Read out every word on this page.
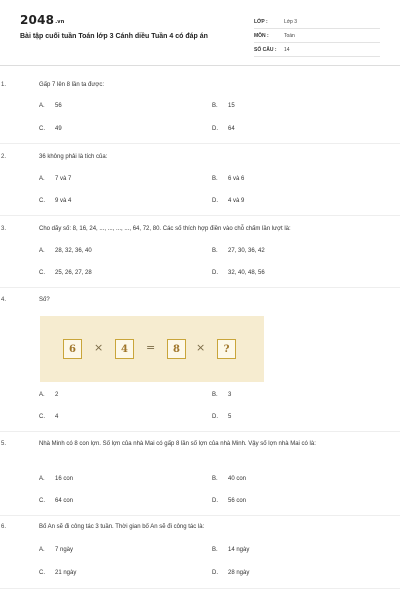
2048.vn
Bài tập cuối tuần Toán lớp 3 Cánh diều Tuần 4 có đáp án
LỚP :	Lớp 3
MÔN :	Toán
SỐ CÂU :	14
1.	Gấp 7 lên 8 lần ta được:
A. 56	B. 15
C. 49	D. 64
2.	36 không phải là tích của:
A. 7 và 7	B. 6 và 6
C. 9 và 4	D. 4 và 9
3.	Cho dãy số: 8, 16, 24, ..., ..., ..., ..., 64, 72, 80. Các số thích hợp điền vào chỗ chấm lần lượt là:
A. 28, 32, 36, 40	B. 27, 30, 36, 42
C. 25, 26, 27, 28	D. 32, 40, 48, 56
4.	Số?
6	×	4	=	8	×	?
A. 2	B. 3
C. 4	D. 5
5.	Nhà Minh có 8 con lợn. Số lợn của nhà Mai có gấp 8 lần số lợn của nhà Minh. Vậy số lợn nhà Mai có là:
A. 16 con	B. 40 con
C. 64 con	D. 56 con
6.	Bố An sẽ đi công tác 3 tuần. Thời gian bố An sẽ đi công tác là:
A. 7 ngày	B. 14 ngày
C. 21 ngày	D. 28 ngày
